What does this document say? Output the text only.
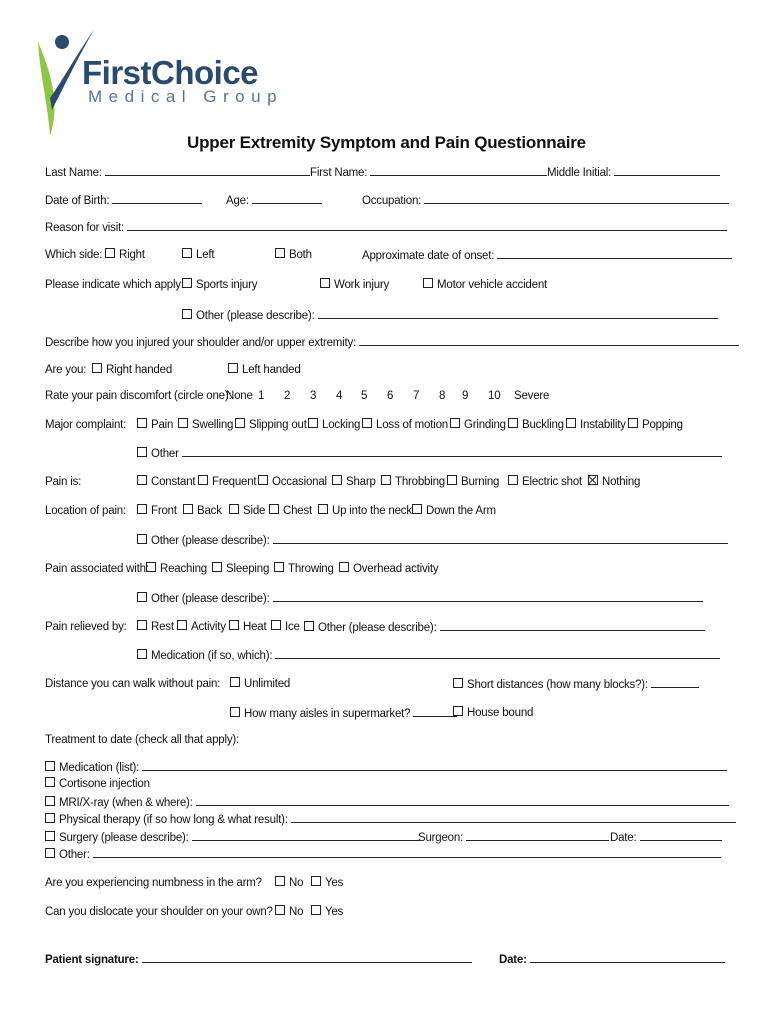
FirstChoice
Medical Group
Upper Extremity Symptom and Pain Questionnaire
Last Name:	First Name:	Middle Initial:
Date of Birth:	Age:	Occupation:
Reason for visit:
Which side:	Right	Left	Both	Approximate date of onset:
Please indicate which apply:	Sports injury	Work injury	Motor vehicle accident
Other (please describe):
Describe how you injured your shoulder and/or upper extremity:
Are you:	Right handed	Left handed
Rate your pain discomfort (circle one):
None 1 2 3 4 5 6 7 8 9 10 Severe
Major complaint:	Pain	Swelling	Slipping out	Locking	Loss of motion	Grinding	Buckling	Instability	Popping
Other
Pain is:	Constant	Frequent	Occasional	Sharp	Throbbing	Burning	Electric shot	Nothing
Location of pain:	Front	Back	Side	Chest	Up into the neck	Down the Arm
Other (please describe):
Pain associated with: Reaching	Sleeping	Throwing	Overhead activity
Other (please describe):
Pain relieved by:	Rest	Activity	Heat	Ice	Other (please describe):
Medication (if so, which):
Distance you can walk without pain:	Unlimited	Short distances (how many blocks?):
How many aisles in supermarket?	House bound
Treatment to date (check all that apply):
Medication (list):
Cortisone injection
MRI/X-ray (when & where):
Physical therapy (if so how long & what result):
Surgery (please describe):	Surgeon:	Date:
Other:
Are you experiencing numbness in the arm?	No	Yes
Can you dislocate your shoulder on your own?	No	Yes
Patient signature:	Date:
